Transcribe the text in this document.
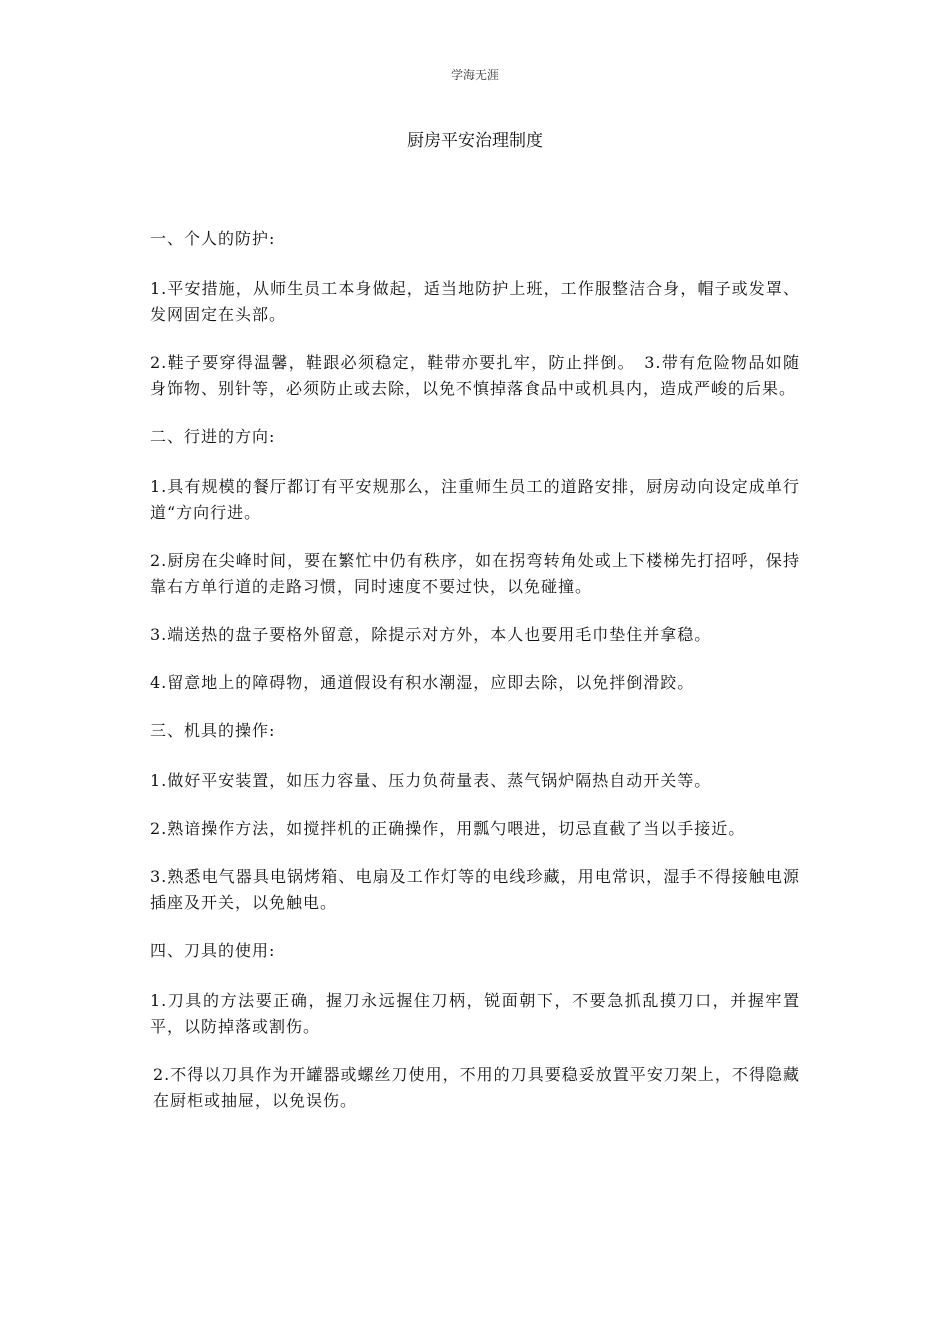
学海无涯
厨房平安治理制度

一、个人的防护:

1.平安措施，从师生员工本身做起，适当地防护上班，工作服整洁合身，帽子或发罩、发网固定在头部。

2.鞋子要穿得温馨，鞋跟必须稳定，鞋带亦要扎牢，防止拌倒。　3.带有危险物品如随身饰物、别针等，必须防止或去除，以免不慎掉落食品中或机具内，造成严峻的后果。

二、行进的方向:

1.具有规模的餐厅都订有平安规那么，注重师生员工的道路安排，厨房动向设定成单行道“方向行进。

2.厨房在尖峰时间，要在繁忙中仍有秩序，如在拐弯转角处或上下楼梯先打招呼，保持靠右方单行道的走路习惯，同时速度不要过快，以免碰撞。

3.端送热的盘子要格外留意，除提示对方外，本人也要用毛巾垫住并拿稳。

4.留意地上的障碍物，通道假设有积水潮湿，应即去除，以免拌倒滑跤。

三、机具的操作:

1.做好平安装置，如压力容量、压力负荷量表、蒸气锅炉隔热自动开关等。

2.熟谙操作方法，如搅拌机的正确操作，用瓢勺喂进，切忌直截了当以手接近。

3.熟悉电气器具电锅烤箱、电扇及工作灯等的电线珍藏，用电常识，湿手不得接触电源插座及开关，以免触电。

四、刀具的使用:

1.刀具的方法要正确，握刀永远握住刀柄，锐面朝下，不要急抓乱摸刀口，并握牢置平，以防掉落或割伤。

2.不得以刀具作为开罐器或螺丝刀使用，不用的刀具要稳妥放置平安刀架上，不得隐藏在厨柜或抽屉，以免误伤。
